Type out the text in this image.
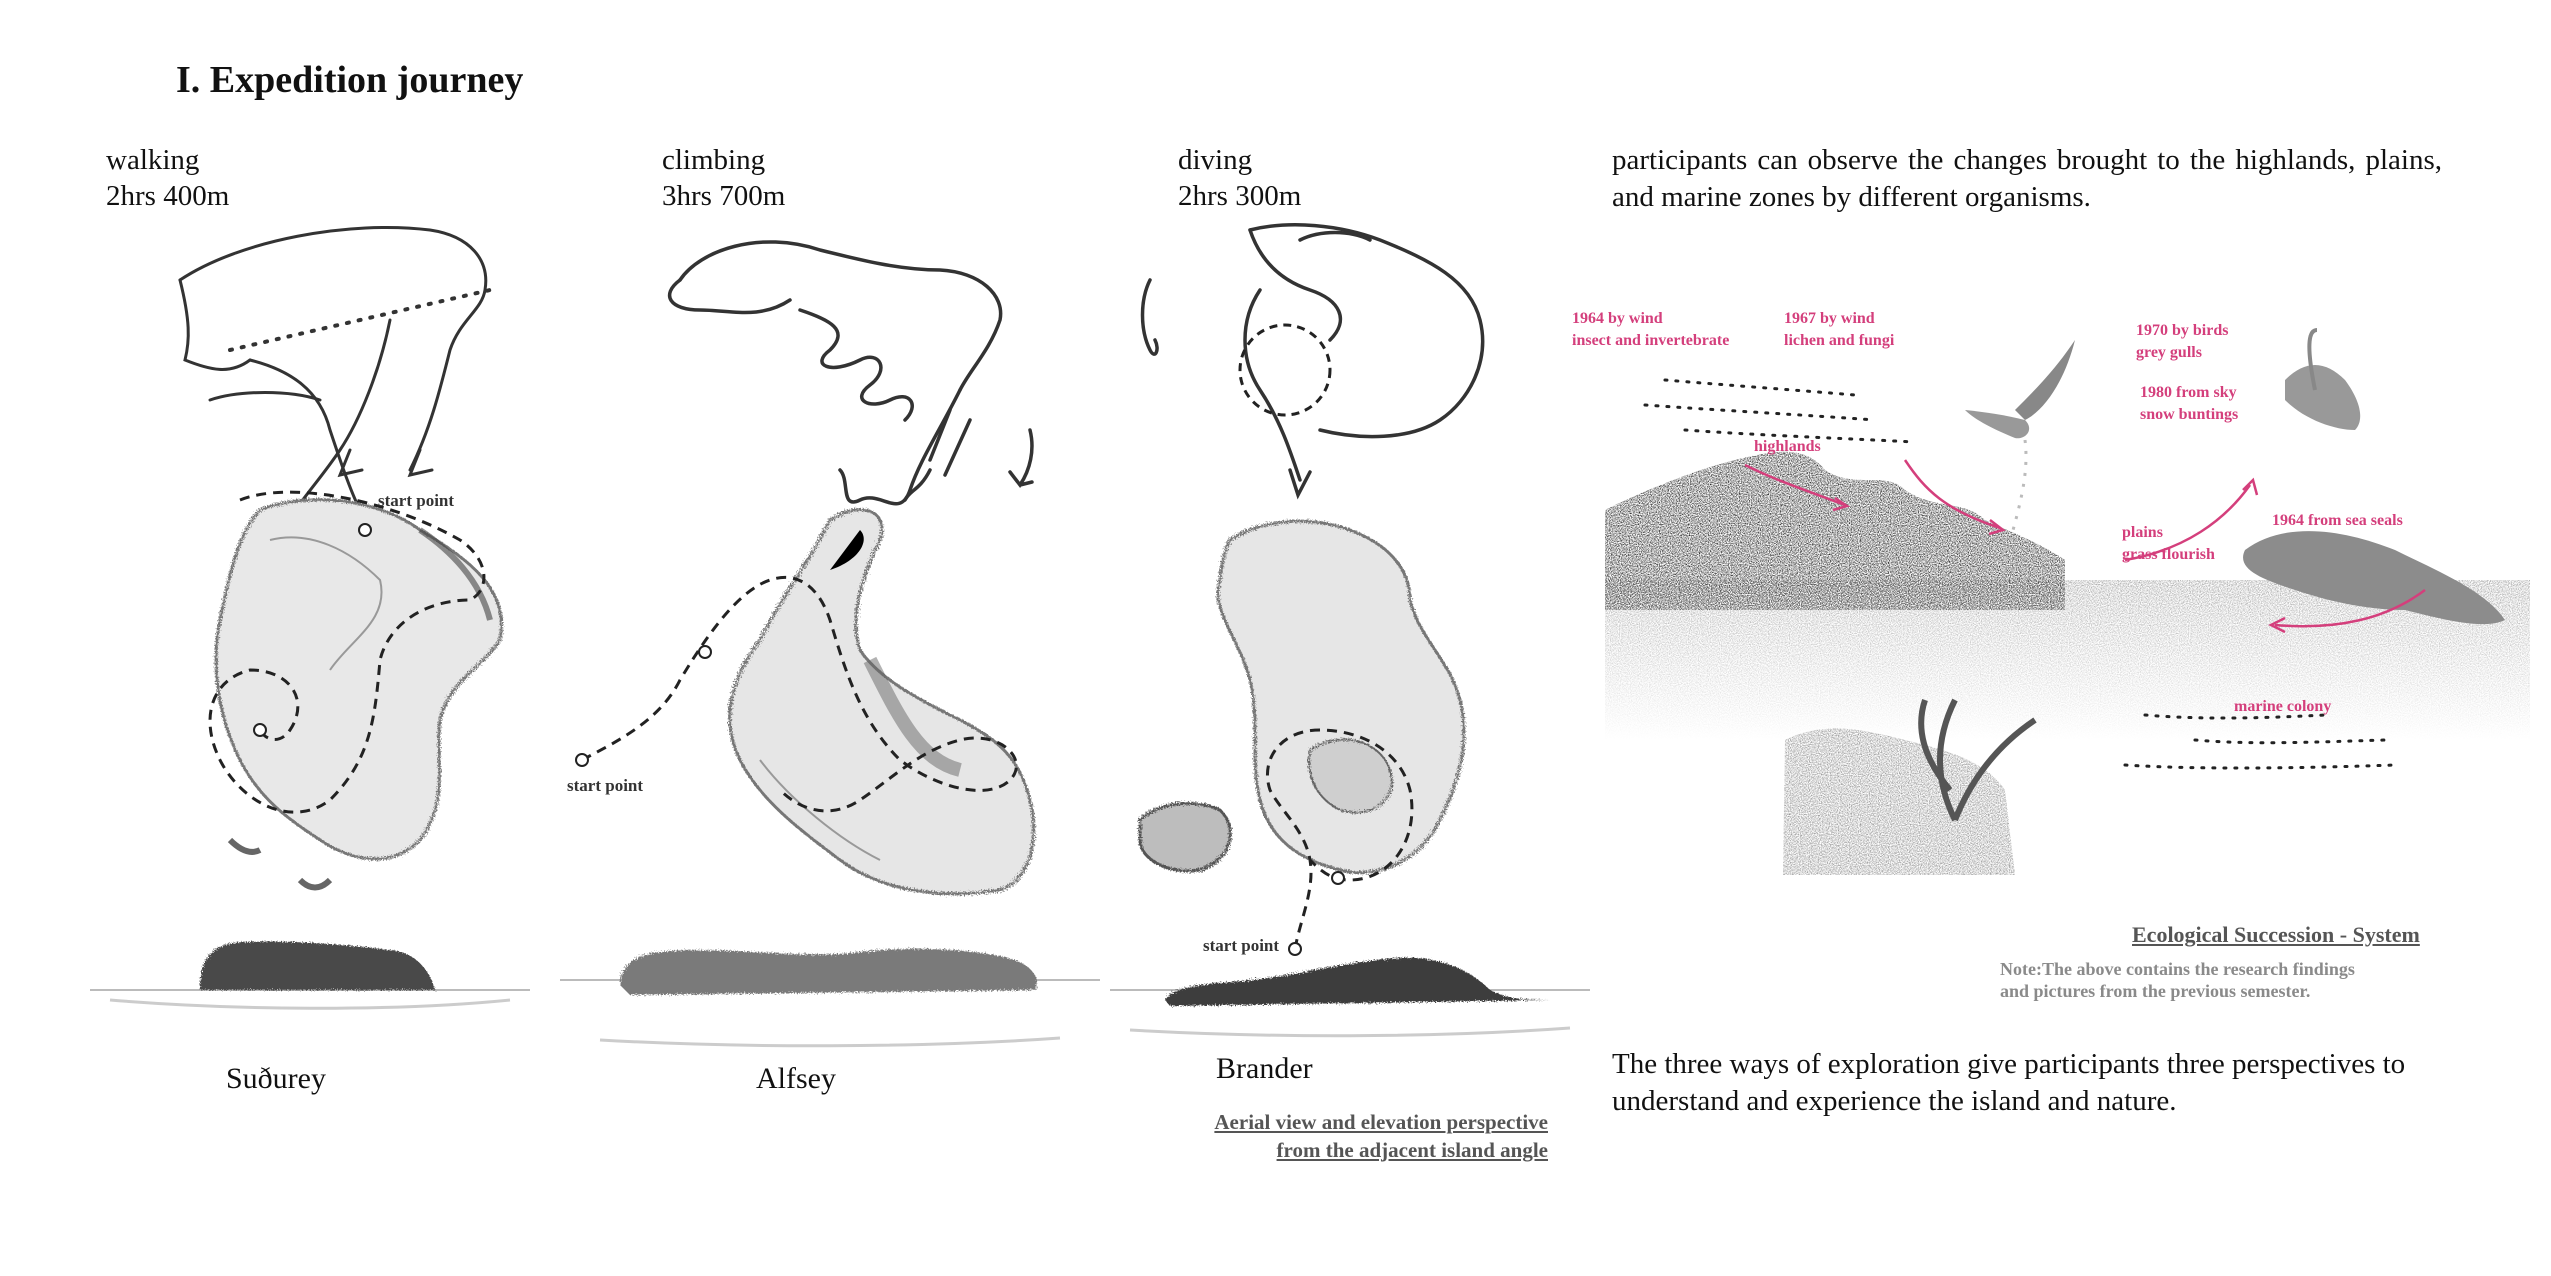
I. Expedition journey
walking
2hrs 400m
climbing
3hrs 700m
diving
2hrs 300m
start point
Suðurey
start point
Alfsey
start point
Brander
Aerial view and elevation perspective
from the adjacent island angle
participants can observe the changes brought to the highlands, plains, and marine zones by different organisms.
1964 by wind
insect and invertebrate
1967 by wind
lichen and fungi
1970 by birds
grey gulls
1980 from sky
snow buntings
1964 from sea seals
highlands
plains
grass flourish
marine colony
Ecological Succession - System
Note:The above contains the research findings
and pictures from the previous semester.
The three ways of exploration give participants three perspectives to understand and experience the island and nature.
